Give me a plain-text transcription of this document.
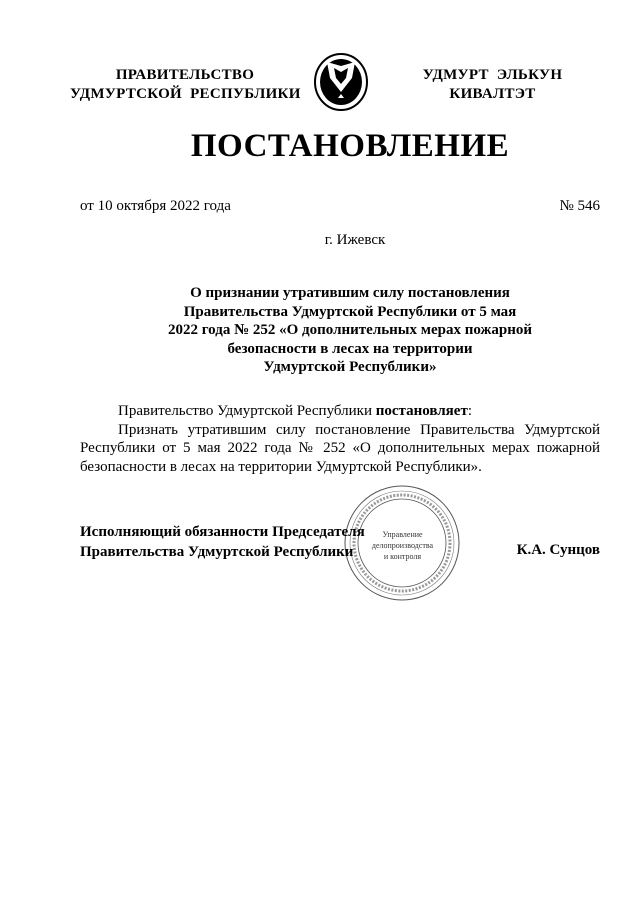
ПРАВИТЕЛЬСТВО
УДМУРТСКОЙ  РЕСПУБЛИКИ
УДМУРТ  ЭЛЬКУН
КИВАЛТЭТ
ПОСТАНОВЛЕНИЕ
от 10 октября 2022 года	№ 546
г. Ижевск
О признании утратившим силу постановления
Правительства Удмуртской Республики от 5 мая
2022 года № 252 «О дополнительных мерах пожарной
безопасности в лесах на территории
Удмуртской Республики»

Правительство Удмуртской Республики постановляет:

Признать утратившим силу постановление Правительства Удмуртской Республики от 5 мая 2022 года № 252 «О дополнительных мерах пожарной безопасности в лесах на территории Удмуртской Республики».

Управление
делопроизводства
и контроля
Исполняющий обязанности Председателя
Правительства Удмуртской Республики	К.А. Сунцов
